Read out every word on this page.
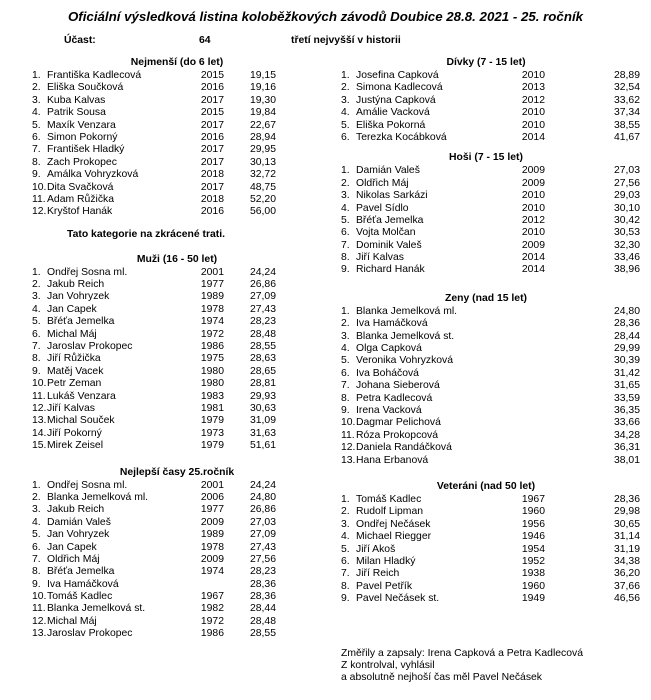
Oficiální výsledková listina koloběžkových závodů Doubice 28.8. 2021 - 25. ročník
Účast:	64	třetí nejvyšší v historii
Nejmenší (do 6 let)
1. Františka Kadlecová	2015 19,15
2. Eliška Součková	2016 19,16
3. Kuba Kalvas	2017 19,30
4. Patrik Sousa	2015 19,84
5. Maxík Venzara	2017 22,67
6. Simon Pokorný	2016 28,94
7. František Hladký	2017 29,95
8. Zach Prokopec	2017 30,13
9. Amálka Vohryzková	2018 32,72
10. Dita Svačková	2017 48,75
11. Adam Růžička	2018 52,20
12. Kryštof Hanák	2016 56,00
Tato kategorie na zkrácené trati.
Muži (16 - 50 let)
1. Ondřej Sosna ml.	2001 24,24
2. Jakub Reich	1977 26,86
3. Jan Vohryzek	1989 27,09
4. Jan Capek	1978 27,43
5. Břéťa Jemelka	1974 28,23
6. Michal Máj	1972 28,48
7. Jaroslav Prokopec	1986 28,55
8. Jiří Růžička	1975 28,63
9. Matěj Vacek	1980 28,65
10. Petr Zeman	1980 28,81
11. Lukáš Venzara	1983 29,93
12. Jiří Kalvas	1981 30,63
13. Michal Souček	1979 31,09
14. Jiří Pokorný	1973 31,63
15. Mirek Zeisel	1979 51,61
Nejlepší časy 25.ročník
1. Ondřej Sosna ml.	2001 24,24
2. Blanka Jemelková ml.	2006 24,80
3. Jakub Reich	1977 26,86
4. Damián Valeš	2009 27,03
5. Jan Vohryzek	1989 27,09
6. Jan Capek	1978 27,43
7. Oldřich Máj	2009 27,56
8. Břéťa Jemelka	1974 28,23
9. Iva Hamáčková	28,36
10. Tomáš Kadlec	1967 28,36
11. Blanka Jemelková st.	1982 28,44
12. Michal Máj	1972 28,48
13. Jaroslav Prokopec	1986 28,55
Dívky (7 - 15 let)
1. Josefina Capková	2010	28,89
2. Simona Kadlecová	2013	32,54
3. Justýna Capková	2012	33,62
4. Amálie Vacková	2010	37,34
5. Eliška Pokorná	2010	38,55
6. Terezka Kocábková	2014	41,67
Hoši (7 - 15 let)
1. Damián Valeš	2009	27,03
2. Oldřich Máj	2009	27,56
3. Nikolas Sarkázi	2010	29,03
4. Pavel Sídlo	2010	30,10
5. Břéťa Jemelka	2012	30,42
6. Vojta Molčan	2010	30,53
7. Dominik Valeš	2009	32,30
8. Jiří Kalvas	2014	33,46
9. Richard Hanák	2014	38,96
Zeny (nad 15 let)
1. Blanka Jemelková ml.	24,80
2. Iva Hamáčková	28,36
3. Blanka Jemelková st.	28,44
4. Olga Capková	29,99
5. Veronika Vohryzková	30,39
6. Iva Boháčová	31,42
7. Johana Sieberová	31,65
8. Petra Kadlecová	33,59
9. Irena Vacková	36,35
10. Dagmar Pelichová	33,66
11. Róza Prokopcová	34,28
12. Daniela Randáčková	36,31
13. Hana Erbanová	38,01
Veteráni (nad 50 let)
1. Tomáš Kadlec	1967	28,36
2. Rudolf Lipman	1960	29,98
3. Ondřej Nečásek	1956	30,65
4. Michael Riegger	1946	31,14
5. Jiří Akoš	1954	31,19
6. Milan Hladký	1952	34,38
7. Jiří Reich	1938	36,20
8. Pavel Petřík	1960	37,66
9. Pavel Nečásek st.	1949	46,56
Změřily a zapsaly: Irena Capková a Petra Kadlecová
Z kontrolval, vyhlásil
a absolutně nejhoší čas měl Pavel Nečásek
